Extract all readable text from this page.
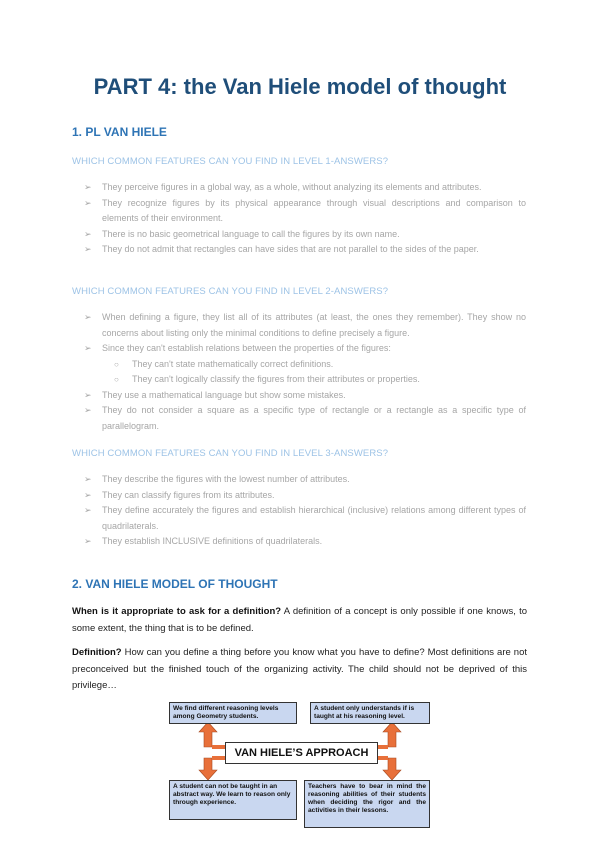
PART 4: the Van Hiele model of thought
1. PL VAN HIELE
WHICH COMMON FEATURES CAN YOU FIND IN LEVEL 1-ANSWERS?
➢ They perceive figures in a global way, as a whole, without analyzing its elements and attributes.
➢ They recognize figures by its physical appearance through visual descriptions and comparison to elements of their environment.
➢ There is no basic geometrical language to call the figures by its own name.
➢ They do not admit that rectangles can have sides that are not parallel to the sides of the paper.
WHICH COMMON FEATURES CAN YOU FIND IN LEVEL 2-ANSWERS?
➢ When defining a figure, they list all of its attributes (at least, the ones they remember). They show no concerns about listing only the minimal conditions to define precisely a figure.
➢ Since they can't establish relations between the properties of the figures:
○ They can't state mathematically correct definitions.
○ They can't logically classify the figures from their attributes or properties.
➢ They use a mathematical language but show some mistakes.
➢ They do not consider a square as a specific type of rectangle or a rectangle as a specific type of parallelogram.
WHICH COMMON FEATURES CAN YOU FIND IN LEVEL 3-ANSWERS?
➢ They describe the figures with the lowest number of attributes.
➢ They can classify figures from its attributes.
➢ They define accurately the figures and establish hierarchical (inclusive) relations among different types of quadrilaterals.
➢ They establish INCLUSIVE definitions of quadrilaterals.
2. VAN HIELE MODEL OF THOUGHT

When is it appropriate to ask for a definition? A definition of a concept is only possible if one knows, to some extent, the thing that is to be defined.

Definition? How can you define a thing before you know what you have to define? Most definitions are not preconceived but the finished touch of the organizing activity. The child should not be deprived of this privilege…

We find different reasoning levels among Geometry students.
A student only understands if is taught at his reasoning level.
VAN HIELE’S APPROACH
A student can not be taught in an abstract way. We learn to reason only through experience.
Teachers have to bear in mind the reasoning abilities of their students when deciding the rigor and the activities in their lessons.
